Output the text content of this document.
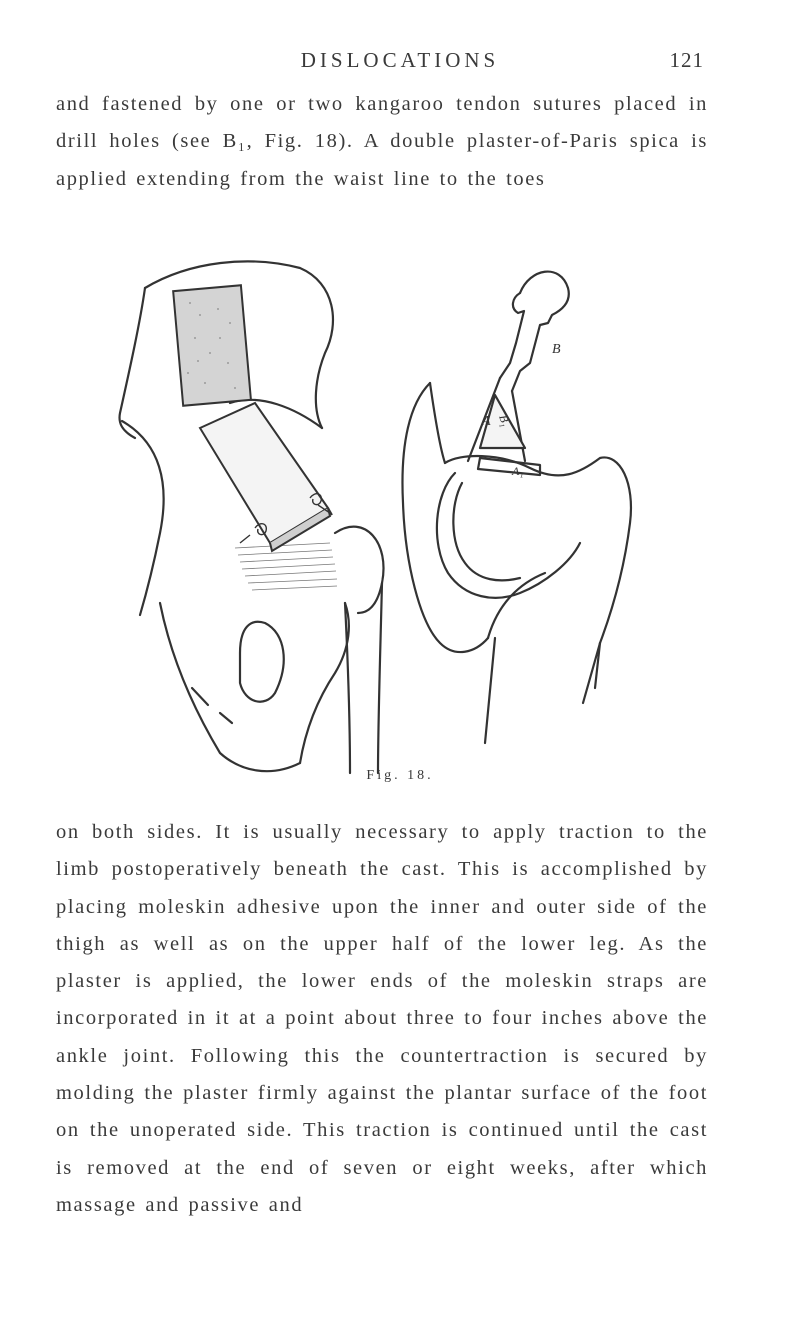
DISLOCATIONS	121

and fastened by one or two kangaroo tendon sutures placed in drill holes (see B₁, Fig. 18). A double plaster-of-Paris spica is applied extending from the waist line to the toes

B
A B₁
A₁
Fig. 18.

on both sides. It is usually necessary to apply traction to the limb postoperatively beneath the cast. This is accomplished by placing moleskin adhesive upon the inner and outer side of the thigh as well as on the upper half of the lower leg. As the plaster is applied, the lower ends of the moleskin straps are incorporated in it at a point about three to four inches above the ankle joint. Following this the countertraction is secured by molding the plaster firmly against the plantar surface of the foot on the unoperated side. This traction is continued until the cast is removed at the end of seven or eight weeks, after which massage and passive and
